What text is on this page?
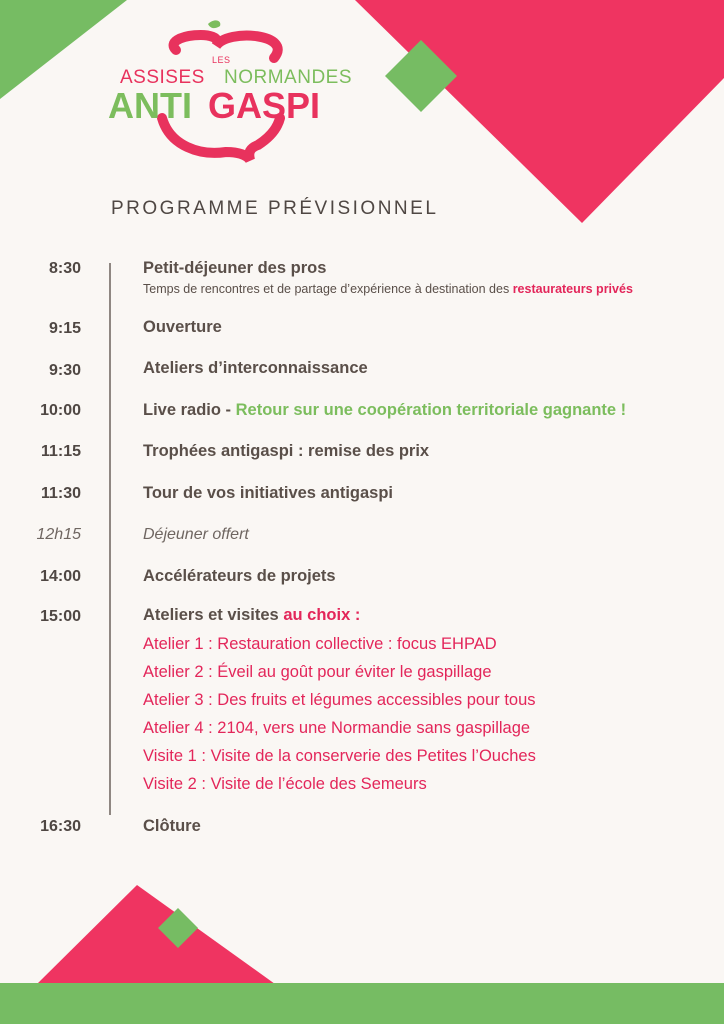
LES
ASSISES NORMANDES
ANTI GASPI
PROGRAMME PRÉVISIONNEL
8:30	Petit-déjeuner des pros
Temps de rencontres et de partage d’expérience à destination des restaurateurs privés
9:15	Ouverture
9:30	Ateliers d’interconnaissance
10:00	Live radio - Retour sur une coopération territoriale gagnante !
11:15	Trophées antigaspi : remise des prix
11:30	Tour de vos initiatives antigaspi
12h15	Déjeuner offert
14:00	Accélérateurs de projets
15:00	Ateliers et visites au choix :
Atelier 1 : Restauration collective : focus EHPAD
Atelier 2 : Éveil au goût pour éviter le gaspillage
Atelier 3 : Des fruits et légumes accessibles pour tous
Atelier 4 : 2104, vers une Normandie sans gaspillage
Visite 1 : Visite de la conserverie des Petites l’Ouches
Visite 2 : Visite de l’école des Semeurs
16:30	Clôture
